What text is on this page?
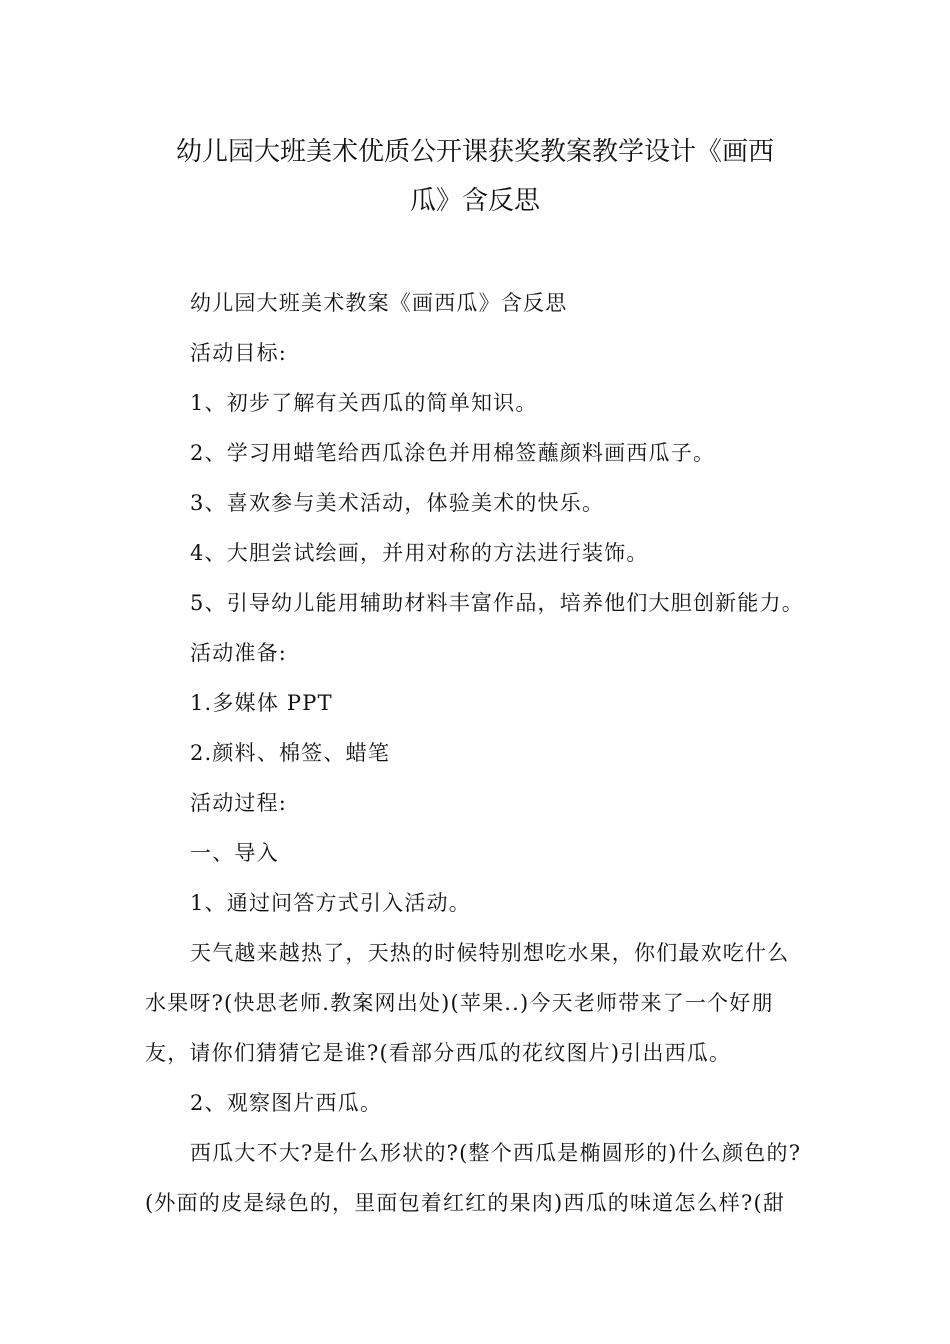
幼儿园大班美术优质公开课获奖教案教学设计《画西
瓜》含反思
幼儿园大班美术教案《画西瓜》含反思
活动目标:
1、初步了解有关西瓜的简单知识。
2、学习用蜡笔给西瓜涂色并用棉签蘸颜料画西瓜子。
3、喜欢参与美术活动，体验美术的快乐。
4、大胆尝试绘画，并用对称的方法进行装饰。
5、引导幼儿能用辅助材料丰富作品，培养他们大胆创新能力。
活动准备:
1.多媒体 PPT
2.颜料、棉签、蜡笔
活动过程:
一、导入
1、通过问答方式引入活动。
天气越来越热了，天热的时候特别想吃水果，你们最欢吃什么
水果呀?(快思老师.教案网出处)(苹果..)今天老师带来了一个好朋
友，请你们猜猜它是谁?(看部分西瓜的花纹图片)引出西瓜。
2、观察图片西瓜。
西瓜大不大?是什么形状的?(整个西瓜是椭圆形的)什么颜色的?
(外面的皮是绿色的，里面包着红红的果肉)西瓜的味道怎么样?(甜
